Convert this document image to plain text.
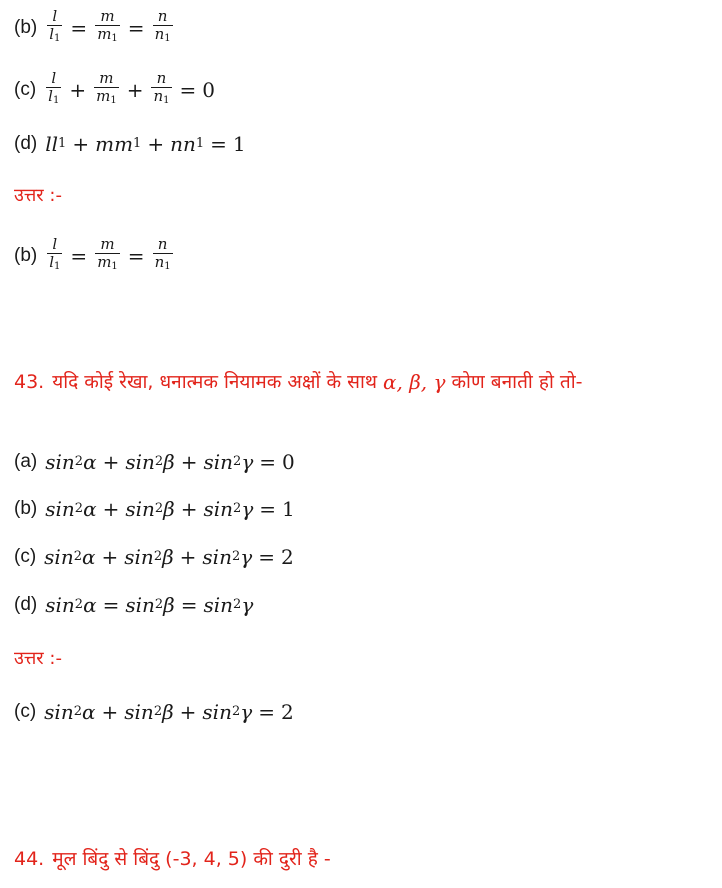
$(b) \frac{l}{l_1} = \frac{m}{m_1} = \frac{n}{n_1}$
$(c) \frac{l}{l_1} + \frac{m}{m_1} + \frac{n}{n_1} = 0$
(d) l l 1 + m m 1 + n n 1 = 1
उत्तर :-
$(b) \frac{l}{l_1} = \frac{m}{m_1} = \frac{n}{n_1}$
43. यदि कोई रेखा, धनात्मक नियामक अक्षों के साथ α, β, γ कोण बनाती हो तो-
(a) sin 2 α + sin 2 β + sin 2 γ = 0
(b) sin 2 α + sin 2 β + sin 2 γ = 1
(c) sin 2 α + sin 2 β + sin 2 γ = 2
(d) sin 2 α = sin 2 β = sin 2 γ
उत्तर :-
(c) sin 2 α + sin 2 β + sin 2 γ = 2
44. मूल बिंदु से बिंदु (-3, 4, 5) की दुरी है -
